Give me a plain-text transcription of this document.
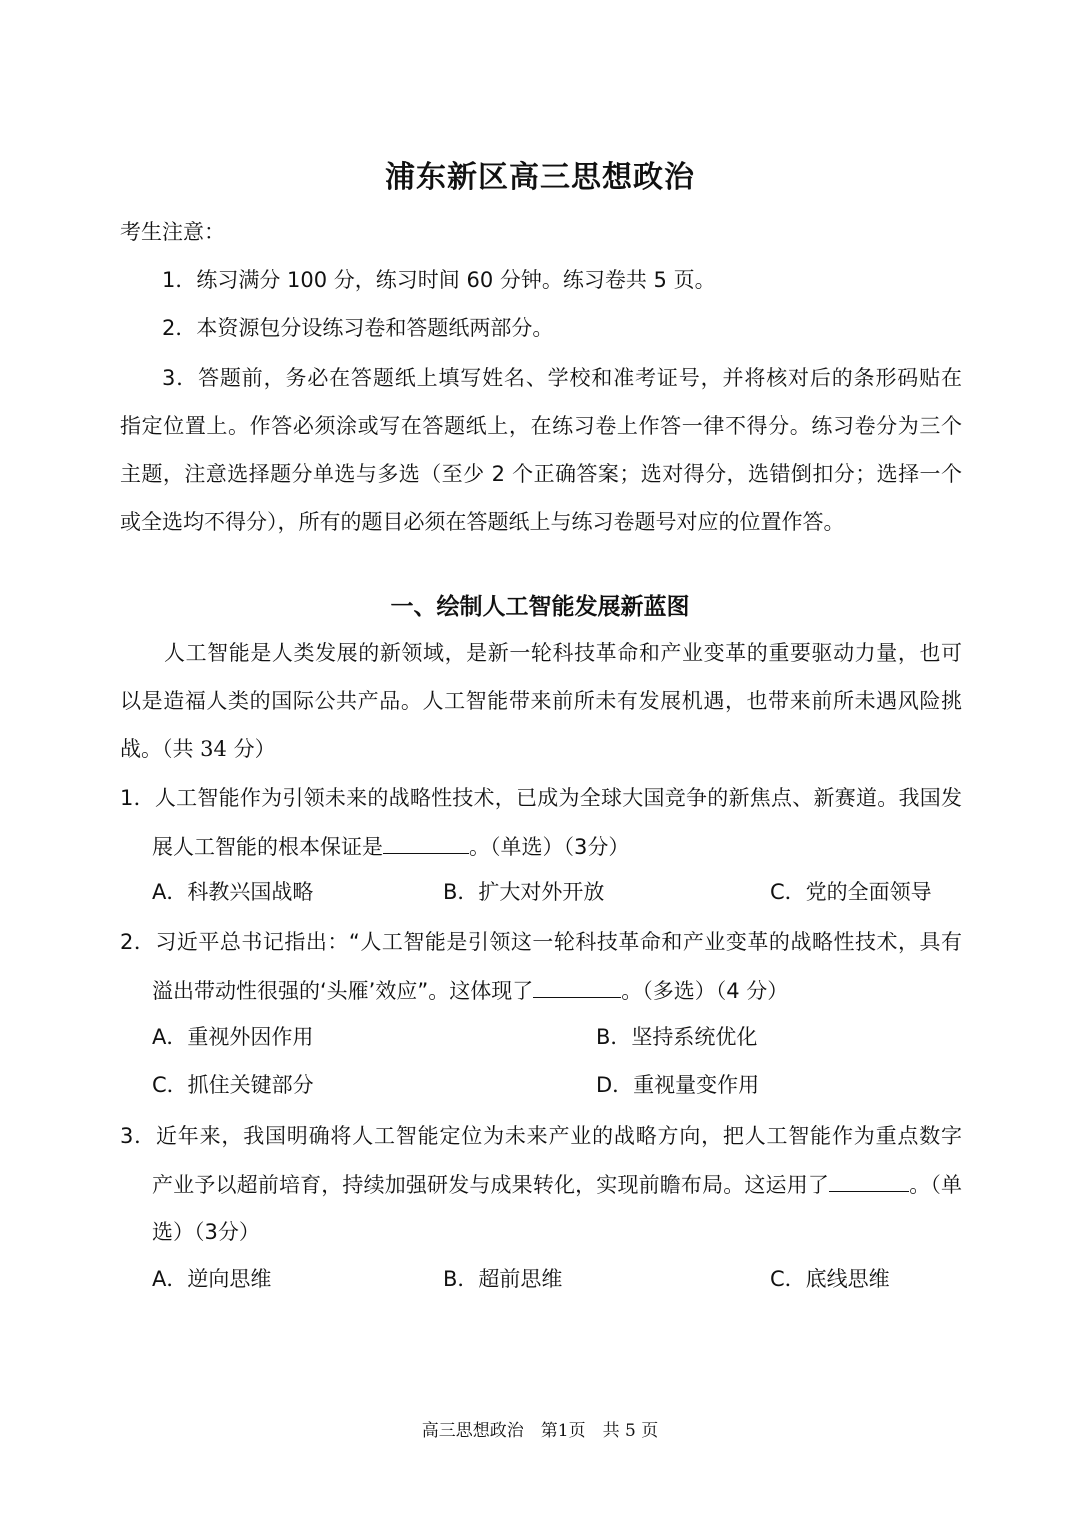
浦东新区高三思想政治
考生注意：
1．练习满分 100 分，练习时间 60 分钟。练习卷共 5 页。
2．本资源包分设练习卷和答题纸两部分。
3．答题前，务必在答题纸上填写姓名、学校和准考证号，并将核对后的条形码贴在
指定位置上。作答必须涂或写在答题纸上，在练习卷上作答一律不得分。练习卷分为三个
主题，注意选择题分单选与多选（至少 2 个正确答案；选对得分，选错倒扣分；选择一个
或全选均不得分），所有的题目必须在答题纸上与练习卷题号对应的位置作答。
一、绘制人工智能发展新蓝图
人工智能是人类发展的新领域，是新一轮科技革命和产业变革的重要驱动力量，也可
以是造福人类的国际公共产品。人工智能带来前所未有发展机遇，也带来前所未遇风险挑
战。（共 34 分）
1．人工智能作为引领未来的战略性技术，已成为全球大国竞争的新焦点、新赛道。我国发
展人工智能的根本保证是	。（单选）（3分）
A．科教兴国战略	B．扩大对外开放	C．党的全面领导
2．习近平总书记指出：“人工智能是引领这一轮科技革命和产业变革的战略性技术，具有
溢出带动性很强的‘头雁’效应”。这体现了	。（多选）（4 分）
A．重视外因作用	B．坚持系统优化
C．抓住关键部分	D．重视量变作用
3．近年来，我国明确将人工智能定位为未来产业的战略方向，把人工智能作为重点数字
产业予以超前培育，持续加强研发与成果转化，实现前瞻布局。这运用了	。（单
选）（3分）
A．逆向思维	B．超前思维	C．底线思维
高三思想政治　第1页　共 5 页
